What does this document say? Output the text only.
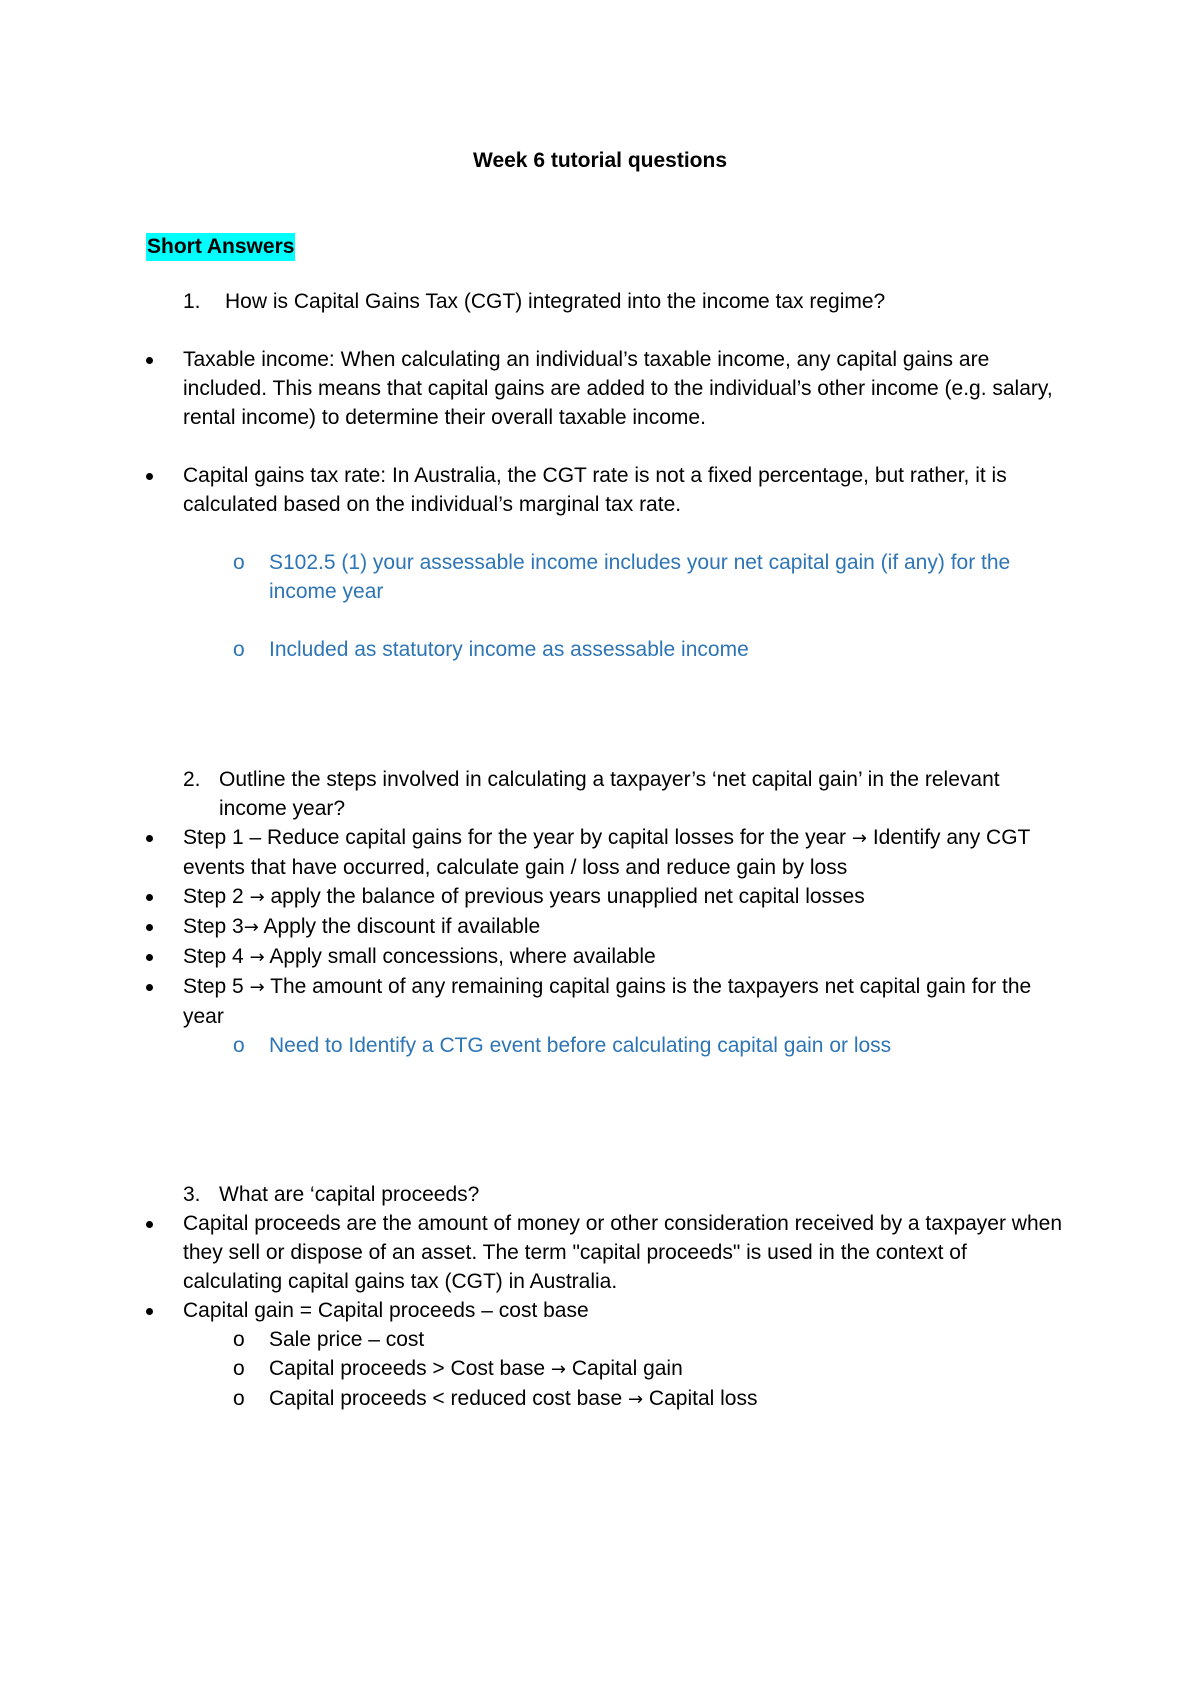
Week 6 tutorial questions
Short Answers
1. How is Capital Gains Tax (CGT) integrated into the income tax regime?
Taxable income: When calculating an individual’s taxable income, any capital gains are included. This means that capital gains are added to the individual’s other income (e.g. salary, rental income) to determine their overall taxable income.
Capital gains tax rate: In Australia, the CGT rate is not a fixed percentage, but rather, it is calculated based on the individual’s marginal tax rate.
o S102.5 (1) your assessable income includes your net capital gain (if any) for the income year
o Included as statutory income as assessable income
2. Outline the steps involved in calculating a taxpayer’s ‘net capital gain’ in the relevant income year?
Step 1 – Reduce capital gains for the year by capital losses for the year → Identify any CGT events that have occurred, calculate gain / loss and reduce gain by loss
Step 2 → apply the balance of previous years unapplied net capital losses
Step 3→ Apply the discount if available
Step 4 → Apply small concessions, where available
Step 5 → The amount of any remaining capital gains is the taxpayers net capital gain for the year
o Need to Identify a CTG event before calculating capital gain or loss
3. What are ‘capital proceeds?
Capital proceeds are the amount of money or other consideration received by a taxpayer when they sell or dispose of an asset. The term "capital proceeds" is used in the context of calculating capital gains tax (CGT) in Australia.
Capital gain = Capital proceeds – cost base
o Sale price – cost
o Capital proceeds > Cost base → Capital gain
o Capital proceeds < reduced cost base → Capital loss
